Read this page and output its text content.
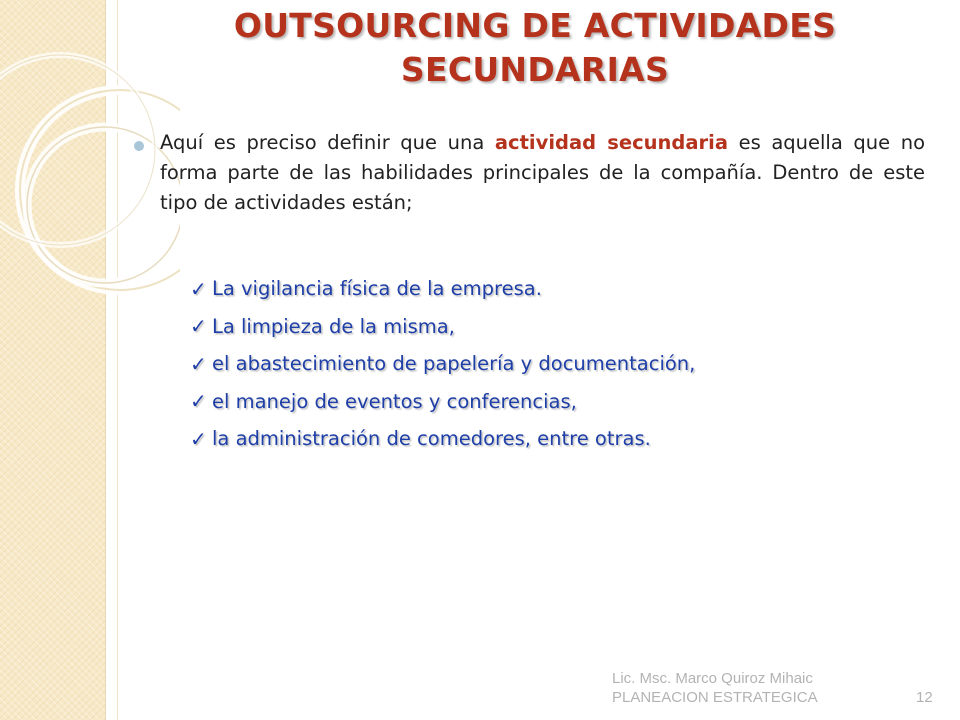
OUTSOURCING DE ACTIVIDADES
SECUNDARIAS

Aquí es preciso definir que una actividad secundaria es aquella que no forma parte de las habilidades principales de la compañía. Dentro de este tipo de actividades están;

✓ La vigilancia física de la empresa.
✓ La limpieza de la misma,
✓ el abastecimiento de papelería y documentación,
✓ el manejo de eventos y conferencias,
✓ la administración de comedores, entre otras.
Lic. Msc. Marco Quiroz Mihaic
PLANEACION ESTRATEGICA	12
